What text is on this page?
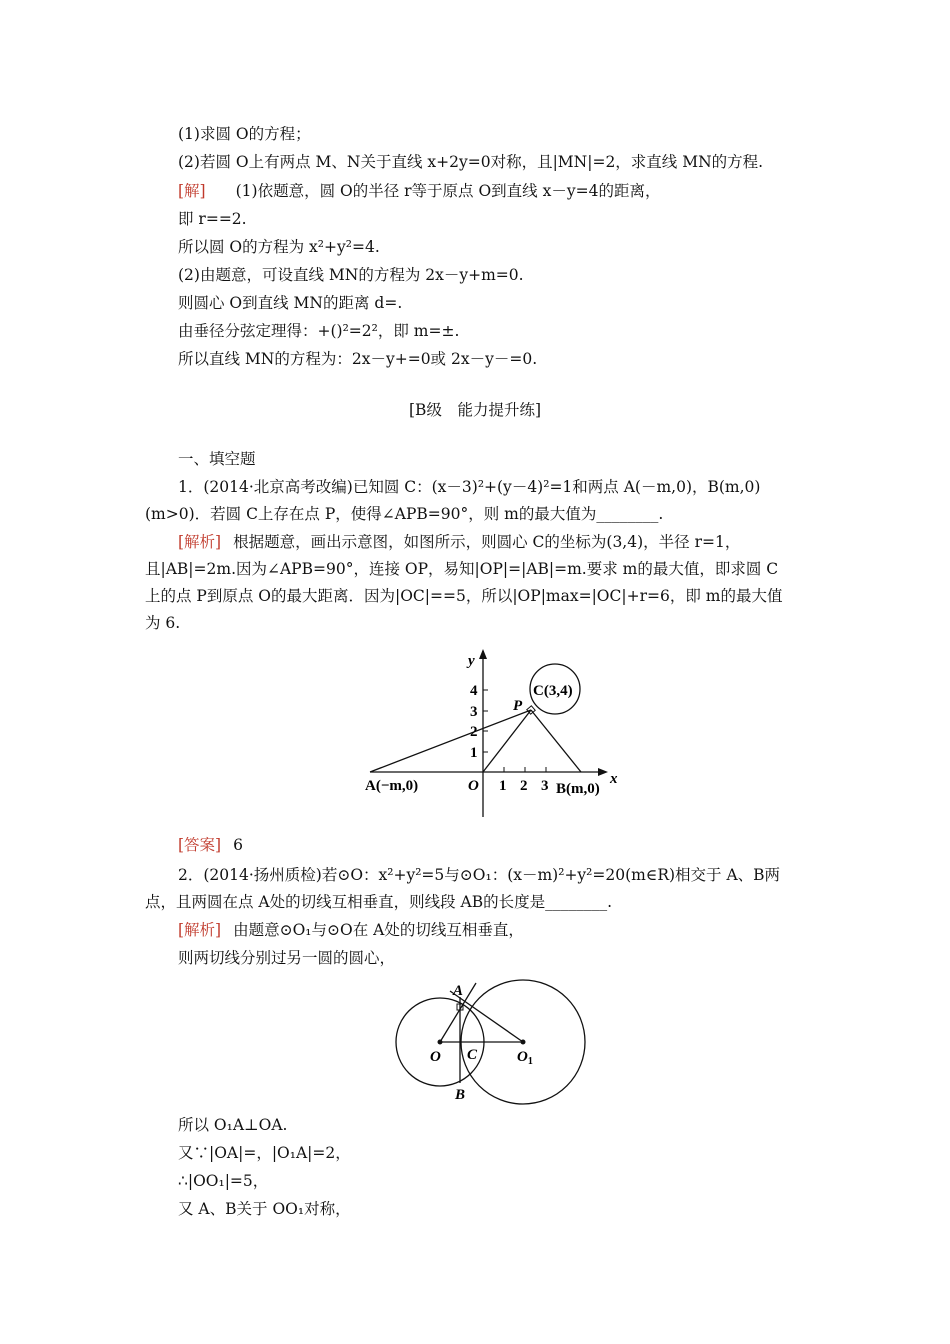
(1)求圆 O的方程；
(2)若圆 O上有两点 M、N关于直线 x+2y=0对称，且|MN|=2，求直线 MN的方程.
[解] (1)依题意，圆 O的半径 r等于原点 O到直线 x－y=4的距离，
即 r==2.
所以圆 O的方程为 x²+y²=4.
(2)由题意，可设直线 MN的方程为 2x－y+m=0.
则圆心 O到直线 MN的距离 d=.
由垂径分弦定理得：+()²=2²，即 m=±.
所以直线 MN的方程为：2x－y+=0或 2x－y－=0.
[B级　能力提升练]
一、填空题
1．(2014·北京高考改编)已知圆 C：(x－3)²+(y－4)²=1和两点 A(－m,0)，B(m,0)
(m>0)．若圆 C上存在点 P，使得∠APB=90°，则 m的最大值为________.
[解析] 根据题意，画出示意图，如图所示，则圆心 C的坐标为(3,4)，半径 r=1，
且|AB|=2m.因为∠APB=90°，连接 OP，易知|OP|=|AB|=m.要求 m的最大值，即求圆 C
上的点 P到原点 O的最大距离．因为|OC|==5，所以|OP|max=|OC|+r=6，即 m的最大值
为 6.
y
x
4
3
2
1
1 2 3
O
P
A(−m,0)	B(m,0)
C(3,4)
[答案] 6
2．(2014·扬州质检)若⊙O：x²+y²=5与⊙O₁：(x－m)²+y²=20(m∈R)相交于 A、B两
点，且两圆在点 A处的切线互相垂直，则线段 AB的长度是________.
[解析] 由题意⊙O₁与⊙O在 A处的切线互相垂直，
则两切线分别过另一圆的圆心，
A
B
C
O	$O_1$
所以 O₁A⊥OA.
又∵|OA|=，|O₁A|=2，
∴|OO₁|=5，
又 A、B关于 OO₁对称，
